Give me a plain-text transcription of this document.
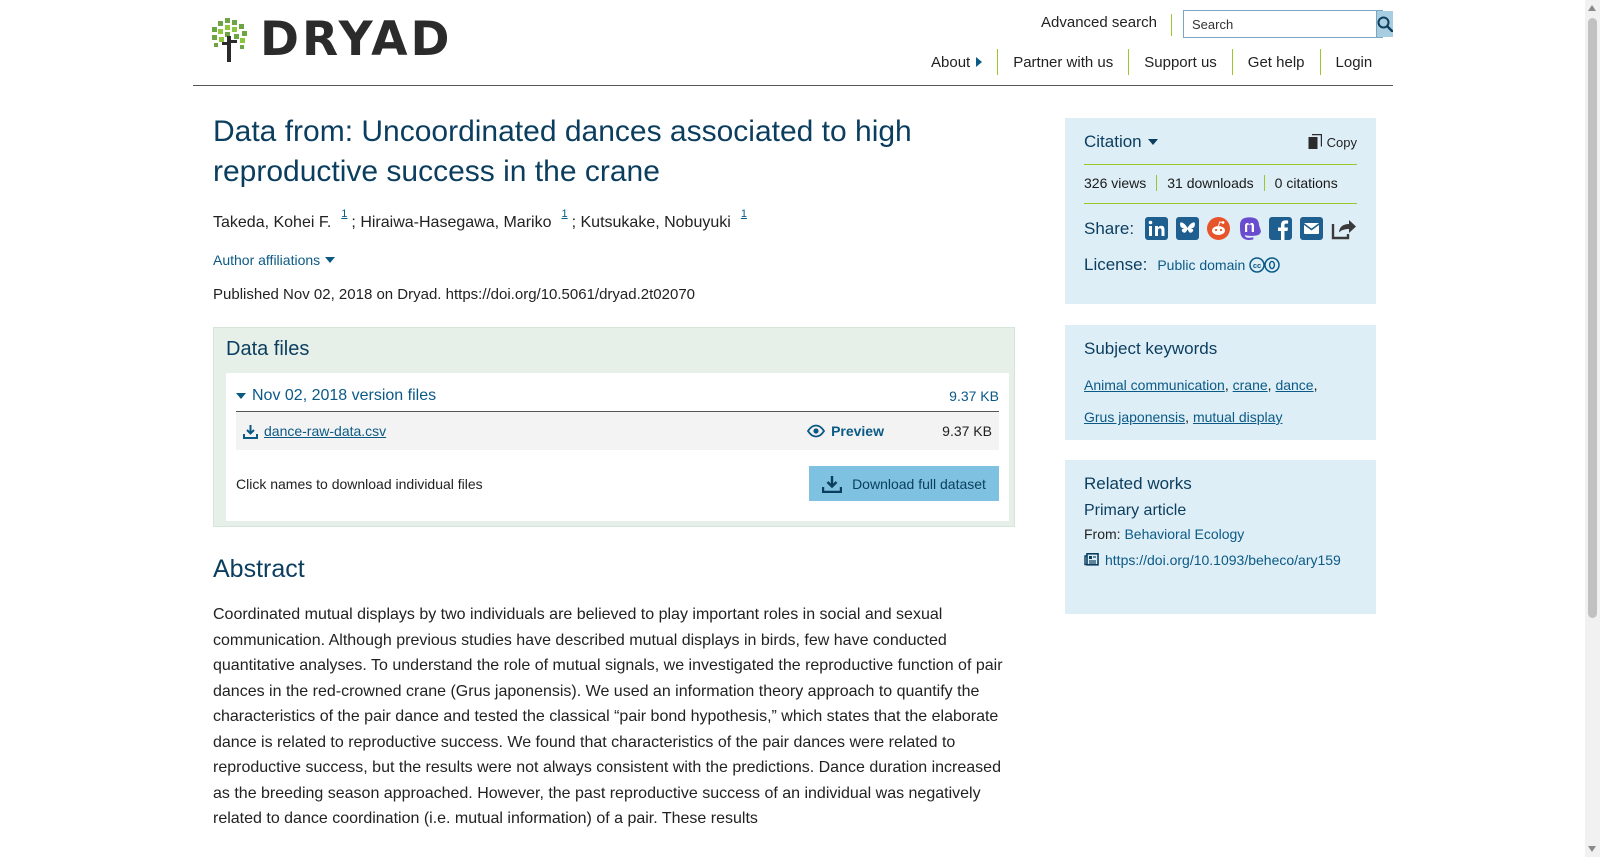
DRYAD	Advanced search
Search
About	Partner with us	Support us	Get help	Login
Data from: Uncoordinated dances associated to high reproductive success in the crane
Takeda, Kohei F. $^1$ ; Hiraiwa-Hasegawa, Mariko $^1$ ; Kutsukake, Nobuyuki $^1$
Author affiliations
Published Nov 02, 2018 on Dryad. https://doi.org/10.5061/dryad.2t02070
Data files
Nov 02, 2018 version files	9.37 KB
dance-raw-data.csv	Preview	9.37 KB
Click names to download individual files	Download full dataset
Abstract

Coordinated mutual displays by two individuals are believed to play important roles in social and sexual communication. Although previous studies have described mutual displays in birds, few have conducted quantitative analyses. To understand the role of mutual signals, we investigated the reproductive function of pair dances in the red-crowned crane (Grus japonensis). We used an information theory approach to quantify the characteristics of the pair dance and tested the classical “pair bond hypothesis,” which states that the elaborate dance is related to reproductive success. We found that characteristics of the pair dances were related to reproductive success, but the results were not always consistent with the predictions. Dance duration increased as the breeding season approached. However, the past reproductive success of an individual was negatively related to dance coordination (i.e. mutual information) of a pair. These results

Citation	Copy
326 views	31 downloads	0 citations
Share:
License: Public domain cc
Subject keywords
Animal communication, crane, dance,
Grus japonensis, mutual display
Related works
Primary article
From: Behavioral Ecology
https://doi.org/10.1093/beheco/ary159
